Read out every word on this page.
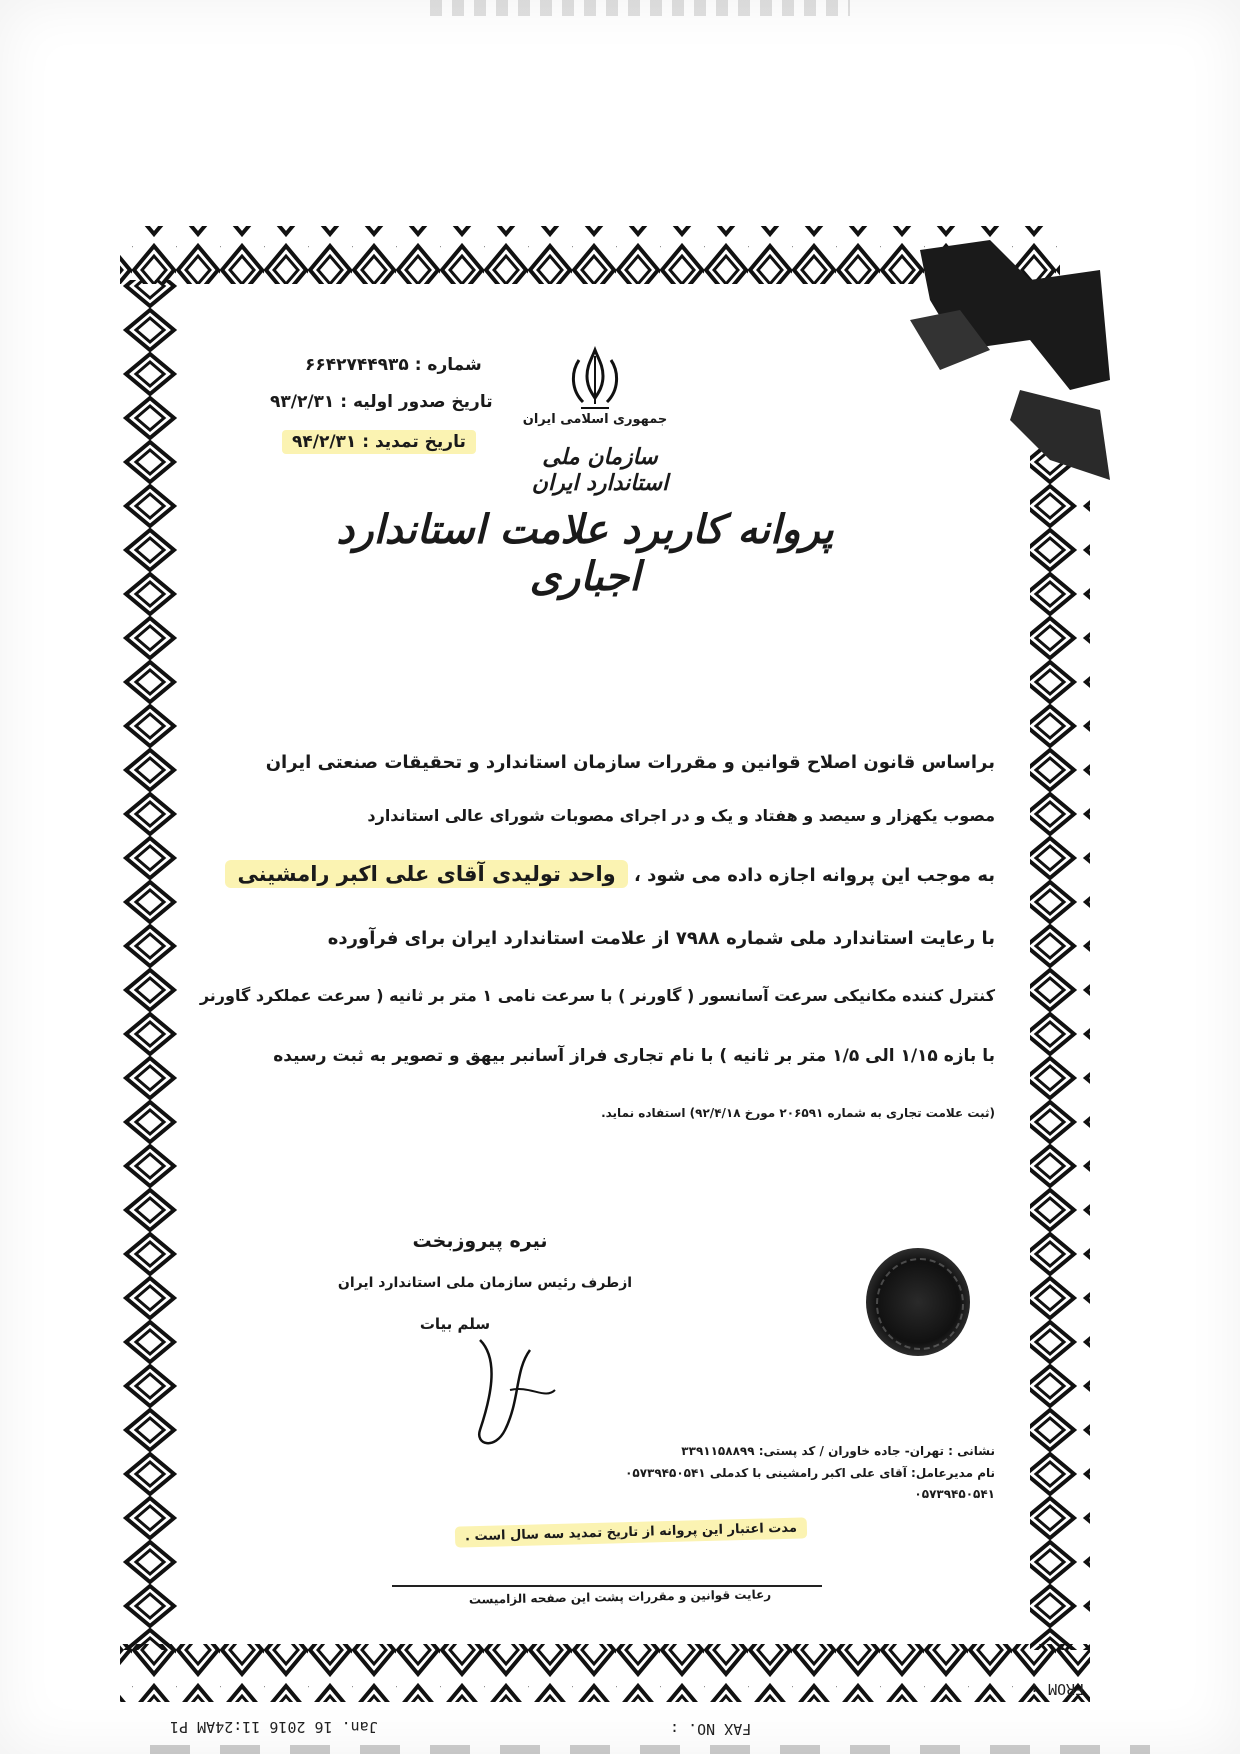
شماره : ۶۶۴۲۷۴۴۹۳۵
تاریخ صدور اولیه : ۹۳/۲/۳۱
تاریخ تمدید : ۹۴/۲/۳۱
جمهوری اسلامی ایران
سازمان ملی استاندارد ایران
پروانه کاربرد علامت استاندارد اجباری
براساس قانون اصلاح قوانین و مقررات سازمان استاندارد و تحقیقات صنعتی ایران
مصوب یکهزار و سیصد و هفتاد و یک و در اجرای مصوبات شورای عالی استاندارد
به موجب این پروانه اجازه داده می شود ، واحد تولیدی آقای علی اکبر رامشینی
با رعایت استاندارد ملی شماره ۷۹۸۸ از علامت استاندارد ایران برای فرآورده
کنترل کننده مکانیکی سرعت آسانسور ( گاورنر ) با سرعت نامی ۱ متر بر ثانیه ( سرعت عملکرد گاورنر
با بازه ۱/۱۵ الی ۱/۵ متر بر ثانیه ) با نام تجاری فراز آسانبر بیهق و تصویر به ثبت رسیده
(ثبت علامت تجاری به شماره ۲۰۶۵۹۱ مورخ ۹۲/۴/۱۸) استفاده نماید.
نیره پیروزبخت
ازطرف رئیس سازمان ملی استاندارد ایران
سلم بیات
نشانی : تهران- جاده خاوران / کد پستی: ۳۳۹۱۱۵۸۸۹۹
نام مدیرعامل: آقای علی اکبر رامشینی با کدملی ۰۵۷۳۹۴۵۰۵۴۱
۰۵۷۳۹۴۵۰۵۴۱
مدت اعتبار این پروانه از تاریخ تمدید سه سال است .
رعایت قوانین و مقررات پشت این صفحه الزامیست
Jan. 16 2016 11:24AM P1	FAX NO. :
FROM :
